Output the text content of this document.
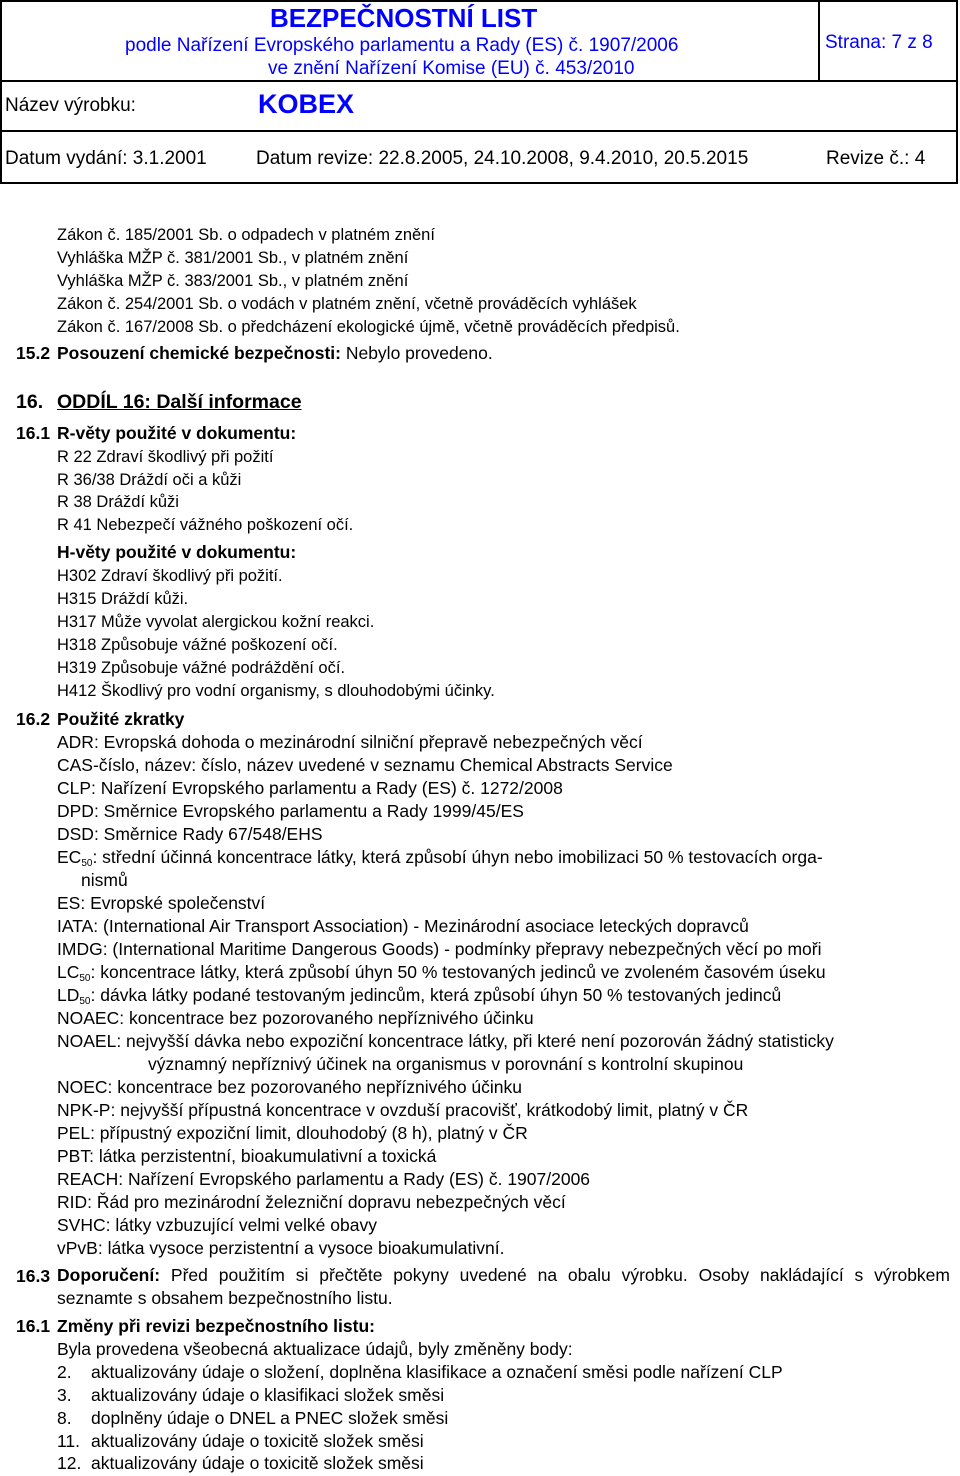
BEZPEČNOSTNÍ LIST
podle Nařízení Evropského parlamentu a Rady (ES) č. 1907/2006
ve znění Nařízení Komise (EU) č. 453/2010
Strana: 7 z 8
Název výrobku:	KOBEX
Datum vydání: 3.1.2001	Datum revize: 22.8.2005, 24.10.2008, 9.4.2010, 20.5.2015	Revize č.: 4
Zákon č. 185/2001 Sb. o odpadech v platném znění
Vyhláška MŽP č. 381/2001 Sb., v platném znění
Vyhláška MŽP č. 383/2001 Sb., v platném znění
Zákon č. 254/2001 Sb. o vodách v platném znění, včetně prováděcích vyhlášek
Zákon č. 167/2008 Sb. o předcházení ekologické újmě, včetně prováděcích předpisů.
15.2 Posouzení chemické bezpečnosti: Nebylo provedeno.
16. ODDÍL 16: Další informace
16.1 R-věty použité v dokumentu:
R 22 Zdraví škodlivý při požití
R 36/38 Dráždí oči a kůži
R 38 Dráždí kůži
R 41 Nebezpečí vážného poškození očí.
H-věty použité v dokumentu:
H302 Zdraví škodlivý při požití.
H315 Dráždí kůži.
H317 Může vyvolat alergickou kožní reakci.
H318 Způsobuje vážné poškození očí.
H319 Způsobuje vážné podráždění očí.
H412 Škodlivý pro vodní organismy, s dlouhodobými účinky.
16.2 Použité zkratky
ADR: Evropská dohoda o mezinárodní silniční přepravě nebezpečných věcí
CAS-číslo, název: číslo, název uvedené v seznamu Chemical Abstracts Service
CLP: Nařízení Evropského parlamentu a Rady (ES) č. 1272/2008
DPD: Směrnice Evropského parlamentu a Rady 1999/45/ES
DSD: Směrnice Rady 67/548/EHS
$EC_{50}$: střední účinná koncentrace látky, která způsobí úhyn nebo imobilizaci 50 % testovacích orga-
nismů
ES: Evropské společenství
IATA: (International Air Transport Association) - Mezinárodní asociace leteckých dopravců
IMDG: (International Maritime Dangerous Goods) - podmínky přepravy nebezpečných věcí po moři
$LC_{50}$: koncentrace látky, která způsobí úhyn 50 % testovaných jedinců ve zvoleném časovém úseku
$LD_{50}$: dávka látky podané testovaným jedincům, která způsobí úhyn 50 % testovaných jedinců
NOAEC: koncentrace bez pozorovaného nepříznivého účinku
NOAEL: nejvyšší dávka nebo expoziční koncentrace látky, při které není pozorován žádný statisticky
významný nepříznivý účinek na organismus v porovnání s kontrolní skupinou
NOEC: koncentrace bez pozorovaného nepříznivého účinku
NPK-P: nejvyšší přípustná koncentrace v ovzduší pracovišť, krátkodobý limit, platný v ČR
PEL: přípustný expoziční limit, dlouhodobý (8 h), platný v ČR
PBT: látka perzistentní, bioakumulativní a toxická
REACH: Nařízení Evropského parlamentu a Rady (ES) č. 1907/2006
RID: Řád pro mezinárodní železniční dopravu nebezpečných věcí
SVHC: látky vzbuzující velmi velké obavy
vPvB: látka vysoce perzistentní a vysoce bioakumulativní.
16.3 Doporučení: Před použitím si přečtěte pokyny uvedené na obalu výrobku. Osoby nakládající s výrobkem seznamte s obsahem bezpečnostního listu.
16.1 Změny při revizi bezpečnostního listu:
Byla provedena všeobecná aktualizace údajů, byly změněny body:
2. aktualizovány údaje o složení, doplněna klasifikace a označení směsi podle nařízení CLP
3. aktualizovány údaje o klasifikaci složek směsi
8. doplněny údaje o DNEL a PNEC složek směsi
11. aktualizovány údaje o toxicitě složek směsi
12. aktualizovány údaje o toxicitě složek směsi
